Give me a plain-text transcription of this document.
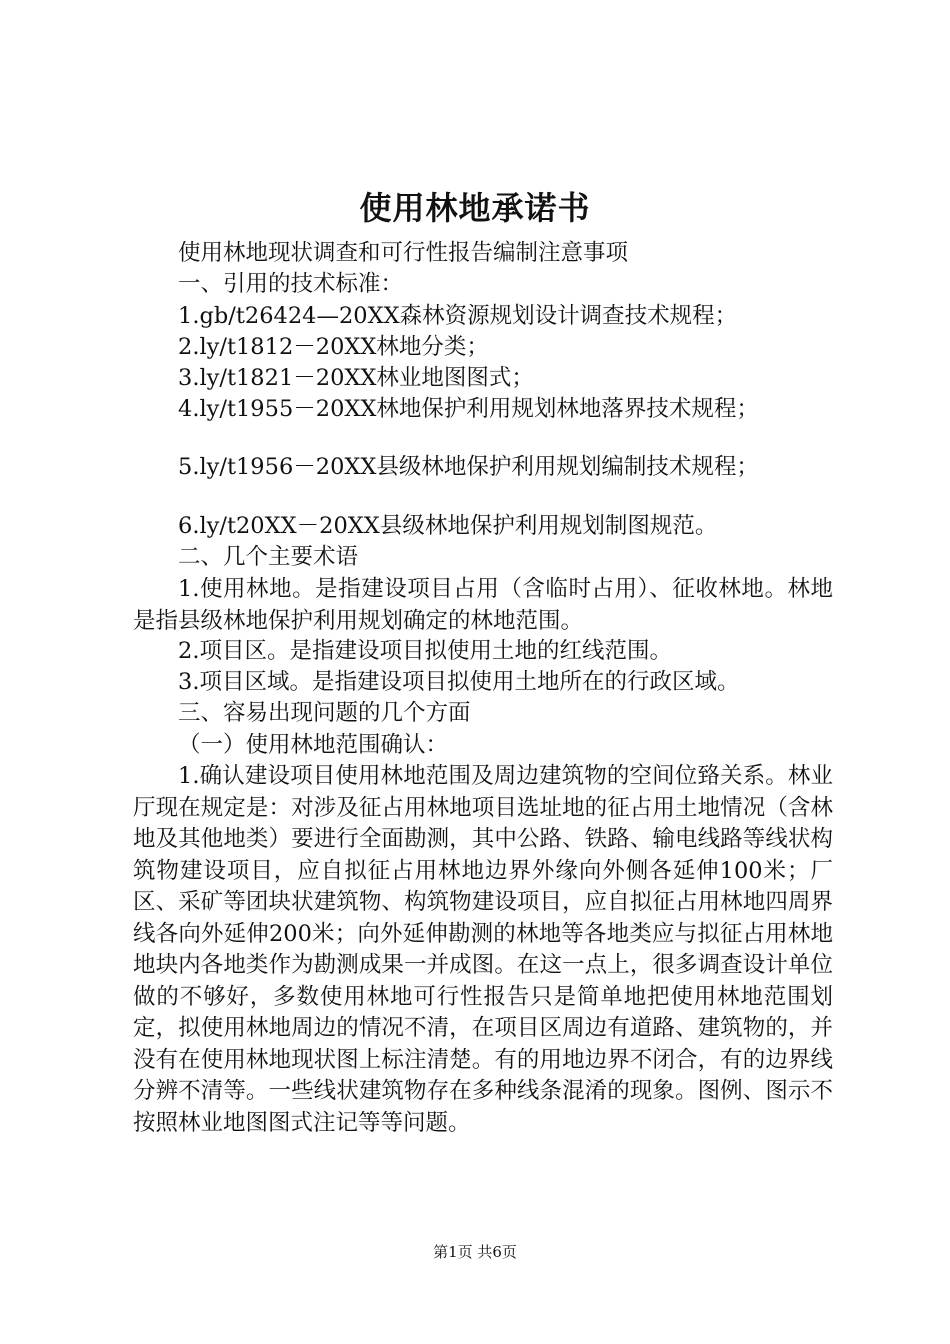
使用林地承诺书
使用林地现状调查和可行性报告编制注意事项
一、引用的技术标准：
1.gb/t26424—20XX森林资源规划设计调查技术规程；
2.ly/t1812－20XX林地分类；
3.ly/t1821－20XX林业地图图式；
4.ly/t1955－20XX林地保护利用规划林地落界技术规程；
5.ly/t1956－20XX县级林地保护利用规划编制技术规程；
6.ly/t20XX－20XX县级林地保护利用规划制图规范。
二、几个主要术语
1.使用林地。是指建设项目占用（含临时占用）、征收林地。林地是指县级林地保护利用规划确定的林地范围。
2.项目区。是指建设项目拟使用土地的红线范围。
3.项目区域。是指建设项目拟使用土地所在的行政区域。
三、容易出现问题的几个方面
（一）使用林地范围确认：
1.确认建设项目使用林地范围及周边建筑物的空间位臵关系。林业厅现在规定是：对涉及征占用林地项目选址地的征占用土地情况（含林地及其他地类）要进行全面勘测，其中公路、铁路、输电线路等线状构筑物建设项目，应自拟征占用林地边界外缘向外侧各延伸100米；厂区、采矿等团块状建筑物、构筑物建设项目，应自拟征占用林地四周界线各向外延伸200米；向外延伸勘测的林地等各地类应与拟征占用林地地块内各地类作为勘测成果一并成图。在这一点上，很多调查设计单位做的不够好，多数使用林地可行性报告只是简单地把使用林地范围划定，拟使用林地周边的情况不清，在项目区周边有道路、建筑物的，并没有在使用林地现状图上标注清楚。有的用地边界不闭合，有的边界线分辨不清等。一些线状建筑物存在多种线条混淆的现象。图例、图示不按照林业地图图式注记等等问题。
第1页 共6页
